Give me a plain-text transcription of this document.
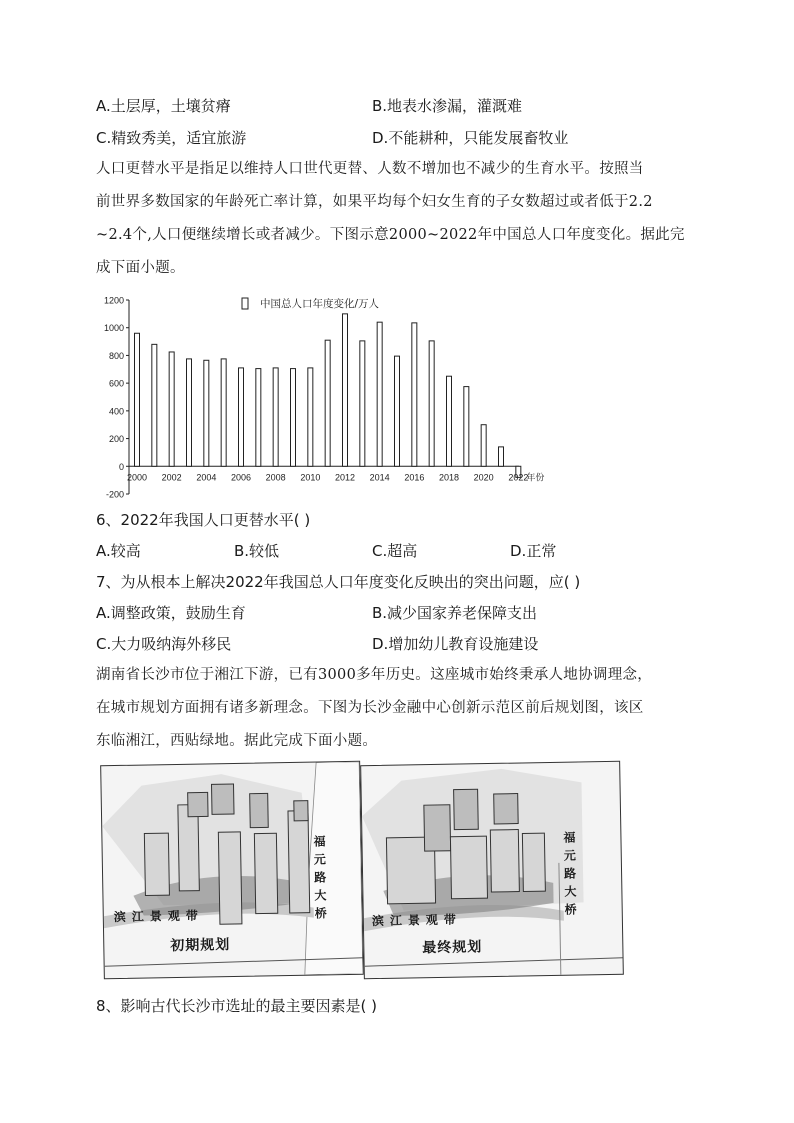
A.土层厚，土壤贫瘠	B.地表水渗漏，灌溉难
C.精致秀美，适宜旅游	D.不能耕种，只能发展畜牧业
人口更替水平是指足以维持人口世代更替、人数不增加也不减少的生育水平。按照当
前世界多数国家的年龄死亡率计算，如果平均每个妇女生育的子女数超过或者低于2.2
~2.4个,人口便继续增长或者减少。下图示意2000~2022年中国总人口年度变化。据此完
成下面小题。
-200
0
200
400
600
800
1000
1200
2000 2002 2004 2006 2008 2010 2012 2014 2016 2018 2020 2022
年份
中国总人口年度变化/万人
6、2022年我国人口更替水平( )
A.较高	B.较低	C.超高	D.正常
7、为从根本上解决2022年我国总人口年度变化反映出的突出问题，应( )
A.调整政策，鼓励生育	B.减少国家养老保障支出
C.大力吸纳海外移民	D.增加幼儿教育设施建设
湖南省长沙市位于湘江下游，已有3000多年历史。这座城市始终秉承人地协调理念，
在城市规划方面拥有诸多新理念。下图为长沙金融中心创新示范区前后规划图，该区
东临湘江，西贴绿地。据此完成下面小题。
滨江景观带
福元路大桥
初期规划
滨江景观带
福元路大桥
最终规划
8、影响古代长沙市选址的最主要因素是( )
